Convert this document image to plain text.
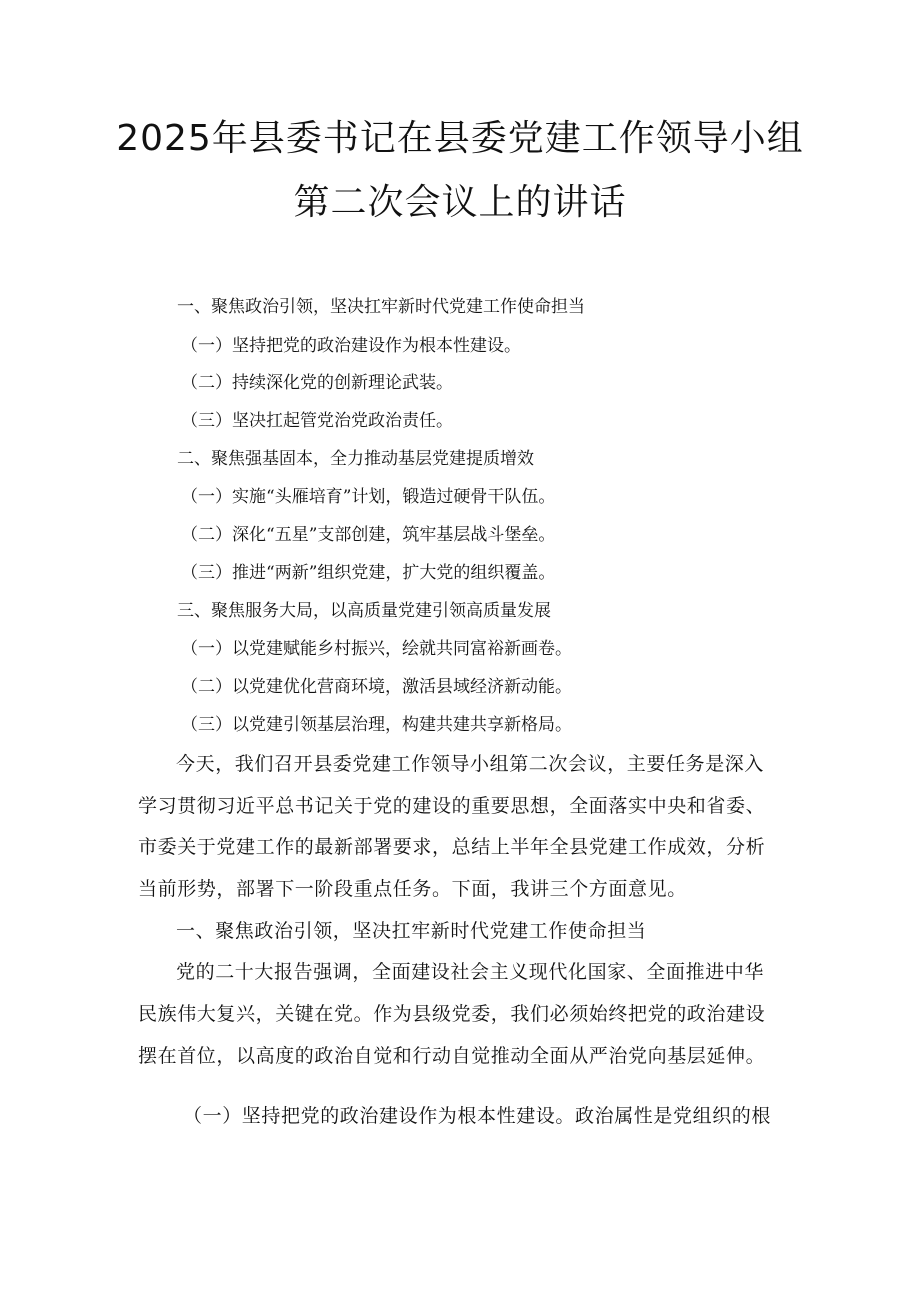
2025年县委书记在县委党建工作领导小组
第二次会议上的讲话
一、聚焦政治引领，坚决扛牢新时代党建工作使命担当
（一）坚持把党的政治建设作为根本性建设。
（二）持续深化党的创新理论武装。
（三）坚决扛起管党治党政治责任。
二、聚焦强基固本，全力推动基层党建提质增效
（一）实施“头雁培育”计划，锻造过硬骨干队伍。
（二）深化“五星”支部创建，筑牢基层战斗堡垒。
（三）推进“两新”组织党建，扩大党的组织覆盖。
三、聚焦服务大局，以高质量党建引领高质量发展
（一）以党建赋能乡村振兴，绘就共同富裕新画卷。
（二）以党建优化营商环境，激活县域经济新动能。
（三）以党建引领基层治理，构建共建共享新格局。
今天，我们召开县委党建工作领导小组第二次会议，主要任务是深入
学习贯彻习近平总书记关于党的建设的重要思想，全面落实中央和省委、
市委关于党建工作的最新部署要求，总结上半年全县党建工作成效，分析
当前形势，部署下一阶段重点任务。下面，我讲三个方面意见。
一、聚焦政治引领，坚决扛牢新时代党建工作使命担当
党的二十大报告强调，全面建设社会主义现代化国家、全面推进中华
民族伟大复兴，关键在党。作为县级党委，我们必须始终把党的政治建设
摆在首位，以高度的政治自觉和行动自觉推动全面从严治党向基层延伸。
（一）坚持把党的政治建设作为根本性建设。政治属性是党组织的根
